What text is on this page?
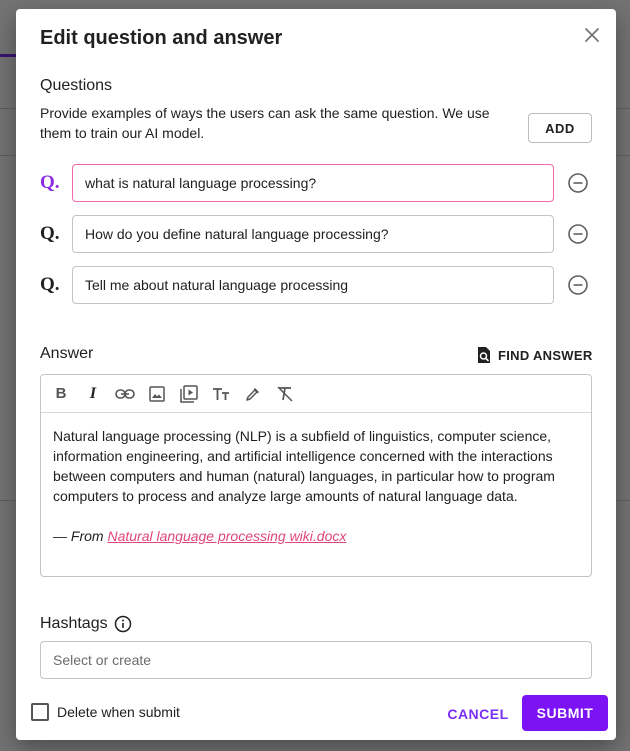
Edit question and answer
Questions
Provide examples of ways the users can ask the same question. We use them to train our AI model.	ADD
Q.
what is natural language processing?
Q.
How do you define natural language processing?
Q.
Tell me about natural language processing
Answer	FIND ANSWER
B	I

Natural language processing (NLP) is a subfield of linguistics, computer science, information engineering, and artificial intelligence concerned with the interactions between computers and human (natural) languages, in particular how to program computers to process and analyze large amounts of natural language data.

— From Natural language processing wiki.docx

Hashtags
Select or create
Delete when submit	CANCEL	SUBMIT
